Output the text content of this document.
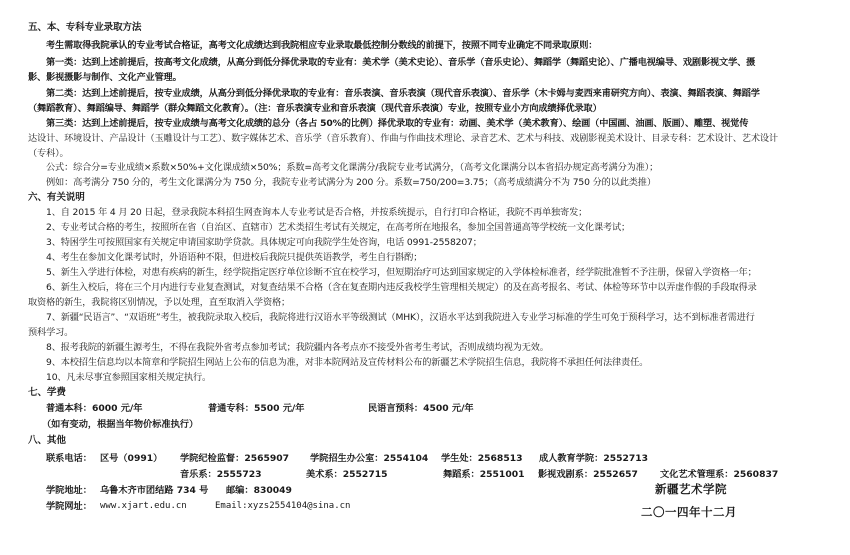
五、本、专科专业录取方法
考生需取得我院承认的专业考试合格证，高考文化成绩达到我院相应专业录取最低控制分数线的前提下，按照不同专业确定不同录取原则：
第一类：达到上述前提后，按高考文化成绩，从高分到低分择优录取的专业有：美术学（美术史论）、音乐学（音乐史论）、舞蹈学（舞蹈史论）、广播电视编导、戏剧影视文学、摄
影、影视摄影与制作、文化产业管理。
第二类：达到上述前提后，按专业成绩，从高分到低分择优录取的专业有：音乐表演、音乐表演（现代音乐表演）、音乐学（木卡姆与麦西来甫研究方向）、表演、舞蹈表演、舞蹈学
（舞蹈教育）、舞蹈编导、舞蹈学（群众舞蹈文化教育）。（注：音乐表演专业和音乐表演（现代音乐表演）专业，按照专业小方向成绩择优录取）
第三类：达到上述前提后，按专业成绩与高考文化成绩的总分（各占 50%的比例）择优录取的专业有：动画、美术学（美术教育）、绘画（中国画、油画、版画）、雕塑、视觉传
达设计、环境设计、产品设计（玉雕设计与工艺）、数字媒体艺术、音乐学（音乐教育）、作曲与作曲技术理论、录音艺术、艺术与科技、戏剧影视美术设计、目录专科：艺术设计、艺术设计
（专科）。
公式：综合分=专业成绩×系数×50%+文化课成绩×50%；系数=高考文化课满分/我院专业考试满分，（高考文化课满分以本省招办规定高考满分为准）；
例如：高考满分 750 分的，考生文化课满分为 750 分，我院专业考试满分为 200 分。系数=750/200=3.75；（高考成绩满分不为 750 分的以此类推）
六、有关说明
1、自 2015 年 4 月 20 日起，登录我院本科招生网查询本人专业考试是否合格，并按系统提示，自行打印合格证，我院不再单独寄发；
2、专业考试合格的考生，按照所在省（自治区、直辖市）艺术类招生考试有关规定，在高考所在地报名，参加全国普通高等学校统一文化课考试；
3、特困学生可按照国家有关规定申请国家助学贷款。具体规定可向我院学生处咨询，电话 0991-2558207；
4、考生在参加文化课考试时，外语语种不限，但进校后我院只提供英语教学，考生自行斟酌；
5、新生入学进行体检，对患有疾病的新生，经学院指定医疗单位诊断不宜在校学习，但短期治疗可达到国家规定的入学体检标准者，经学院批准暂不予注册，保留入学资格一年；
6、新生入校后，将在三个月内进行专业复查测试，对复查结果不合格（含在复查期内违反我校学生管理相关规定）的及在高考报名、考试、体检等环节中以弄虚作假的手段取得录
取资格的新生，我院将区别情况，予以处理，直至取消入学资格；
7、新疆“民语言”、“双语班”考生，被我院录取入校后，我院将进行汉语水平等级测试（MHK），汉语水平达到我院进入专业学习标准的学生可免于预科学习，达不到标准者需进行
预科学习。
8、报考我院的新疆生源考生，不得在我院外省考点参加考试；我院疆内各考点亦不接受外省考生考试，否则成绩均视为无效。
9、本校招生信息均以本简章和学院招生网站上公布的信息为准，对非本院网站及宣传材料公布的新疆艺术学院招生信息，我院将不承担任何法律责任。
10、凡未尽事宜参照国家相关规定执行。
七、学费
普通本科：6000 元/年	普通专科：5500 元/年	民语言预科：4500 元/年
（如有变动，根据当年物价标准执行）
八、其他
联系电话： 区号（0991） 学院纪检监督：2565907 学院招生办公室：2554104 学生处：2568513 成人教育学院：2552713
音乐系：2555723	美术系：2552715	舞蹈系：2551001 影视戏剧系：2552657 文化艺术管理系：2560837
学院地址： 乌鲁木齐市团结路 734 号 邮编：830049
学院网址： www.xjart.edu.cn	Email:xyzs2554104@sina.cn
新疆艺术学院
二〇一四年十二月
